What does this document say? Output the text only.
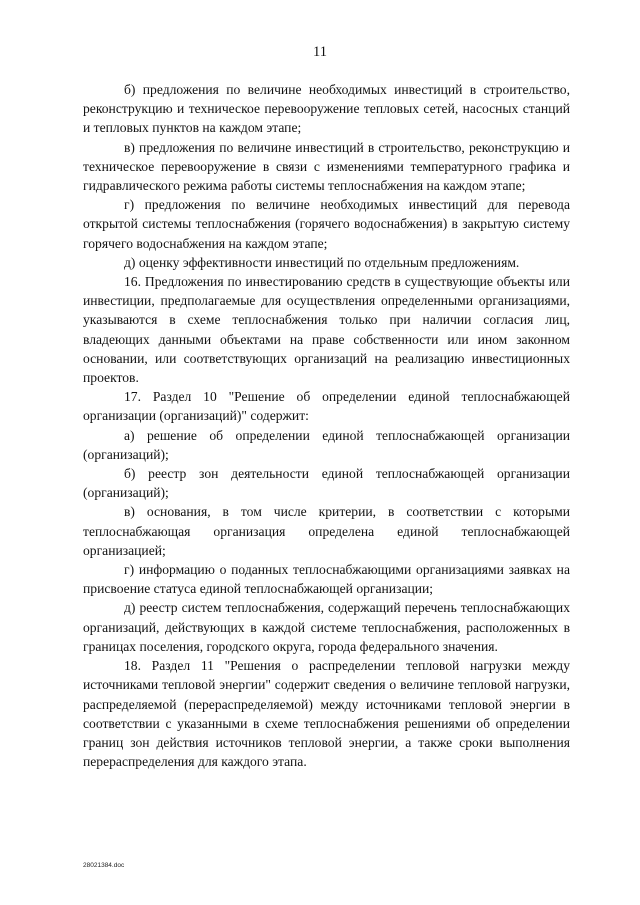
11

б) предложения по величине необходимых инвестиций в строительство, реконструкцию и техническое перевооружение тепловых сетей, насосных станций и тепловых пунктов на каждом этапе;

в) предложения по величине инвестиций в строительство, реконструкцию и техническое перевооружение в связи с изменениями температурного графика и гидравлического режима работы системы теплоснабжения на каждом этапе;

г) предложения по величине необходимых инвестиций для перевода открытой системы теплоснабжения (горячего водоснабжения) в закрытую систему горячего водоснабжения на каждом этапе;

д) оценку эффективности инвестиций по отдельным предложениям.

16. Предложения по инвестированию средств в существующие объекты или инвестиции, предполагаемые для осуществления определенными организациями, указываются в схеме теплоснабжения только при наличии согласия лиц, владеющих данными объектами на праве собственности или ином законном основании, или соответствующих организаций на реализацию инвестиционных проектов.

17. Раздел 10 "Решение об определении единой теплоснабжающей организации (организаций)" содержит:

а) решение об определении единой теплоснабжающей организации (организаций);

б) реестр зон деятельности единой теплоснабжающей организации (организаций);

в) основания, в том числе критерии, в соответствии с которыми теплоснабжающая организация определена единой теплоснабжающей организацией;

г) информацию о поданных теплоснабжающими организациями заявках на присвоение статуса единой теплоснабжающей организации;

д) реестр систем теплоснабжения, содержащий перечень теплоснабжающих организаций, действующих в каждой системе теплоснабжения, расположенных в границах поселения, городского округа, города федерального значения.

18. Раздел 11 "Решения о распределении тепловой нагрузки между источниками тепловой энергии" содержит сведения о величине тепловой нагрузки, распределяемой (перераспределяемой) между источниками тепловой энергии в соответствии с указанными в схеме теплоснабжения решениями об определении границ зон действия источников тепловой энергии, а также сроки выполнения перераспределения для каждого этапа.

28021384.doc
